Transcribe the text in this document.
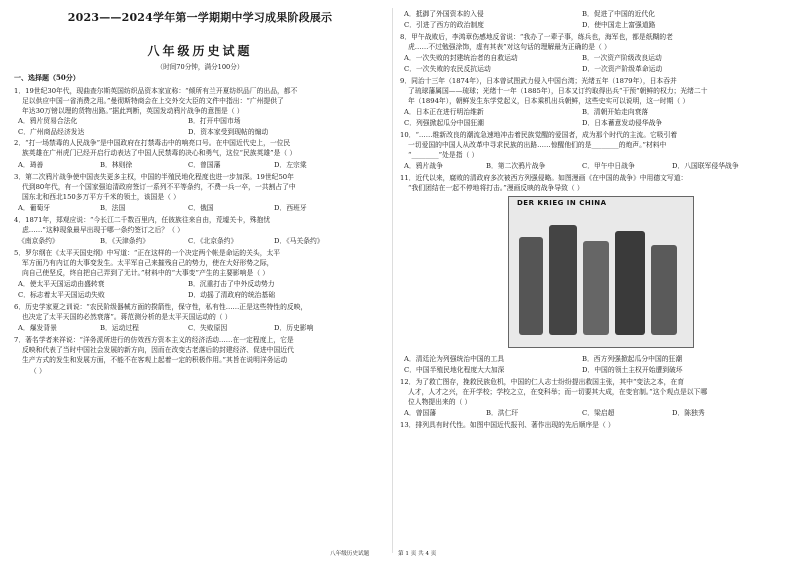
2023——2024学年第一学期期中学习成果阶段展示
八年级历史试题
（时间70分钟，满分100分）
一、选择题（50分）
1．19世纪30年代，现曲查尔斯英国纺织品资本家宣称：“倾所有兰开夏纺织品厂的出品，都不
足以供应中国一省消费之用。”曼彻斯特商会在上交外交大臣的文件中指出：“广州提供了
年达30万镑以理的货物出路。”据此判断，英国发动鸦片战争的意图是（ ）
A．鸦片贸易合法化	B．打开中国市场
C．广州商品经济发达	D．资本家受到现帖的煽动
2．“打一场禁毒的人民战争”是中国政府在打禁毒击中的响亮口号。在中国近代史上，一位民
族英雄在广州虎门已经开启行动表达了中国人民禁毒的决心和勇气，这位“民族英雄”是（ ）
A．琦善	B．林则徐	C．曾国藩	D．左宗棠
3．第二次鸦片战争使中国丧失更多主权，中国的半殖民地化程度也进一步加深。19世纪50年
代到80年代，有一个国家强迫清政府签订一系列不平等条约，不费一兵一卒，一共割占了中
国东北和西北150多万平方千米的领土，该国是（ ）
A．葡萄牙	B．法国	C．俄国	D．西班牙
4．1871年，郑观应说：“今长江二千数百里内，任彼族往来自由，荒墟关卡，殊抱忧
虑……”这种现象最早出现于哪一条约签订之后？（ ）
《南京条约》	B．《天津条约》	C．《北京条约》	D．《马关条约》
5．罗尔纲在《太平天国史纲》中写道：“正在这样的一个决定两个帐是命运的关头，太平
军方面乃有内讧的大事变发生。太平军自己来摧残自己的势力，使在大好形势之际，
向自己使坚反，终自把自己弄到了无计。”材料中的“大事变”产生的主要影响是（ ）
A．使太平天国运动由盛转衰	B．沉重打击了中外反动势力
C．标志着太平天国运动失败	D．动摇了清政府的统治基础
6．历史学家夏之训说：“农民阶级器械方面的揆箭性，保守性，私有性……正是这些特性的反映，
也决定了太平天国的必然衰落”。蒋范测分析的是太平天国运动的（ ）
A．爆发背景	B．运动过程	C．失败原因	D．历史影响
7．著名学者来祥说：“洋务派所进行的仿效西方资本主义的经济活动……在一定程度上，它是
反映和代表了当时中国社会发展的新方向，因而在改变古老落后的封建经济、促进中国近代
生产方式的发生和发展方面，不能不在客观上起着一定的积极作用。”其旨在说明洋务运动
（ ）
A．抵御了外国资本的入侵	B．促进了中国的近代化
C．引进了西方的政治制度	D．使中国走上富强道路
8．甲午战败后，李鸿章伤感地反省说：“我办了一辈子事，练兵也，海军也，都是纸糊的老
虎……不过勉强涂饰，虚有其表”对这句话的理解最为正确的是（ ）
A．一次失败的封建统治者的自救运动	B．一次资产阶级改良运动
C．一次失败的农民反抗运动	D．一次资产阶级革命运动
9．同治十三年（1874年），日本曾试图武力侵入中国台湾；光绪五年（1879年），日本吞并
了琉球藩属国——琉球；光绪十一年（1885年），日本又订约取得出兵“干预”朝鲜的权力；光绪二十
年（1894年），朝鲜发生东学党起义，日本乘机出兵朝鲜，这些史实可以说明，这一时期（ ）
A．日本正在进行明治维新	B．清朝开始走向衰落
C．列强掀起瓜分中国狂潮	D．日本蓄意发动侵华战争
10．“……维新改良的潮流急速地冲击着民族觉醒的爱国者，成为那个时代的主流。它吸引着
一切爱国的中国人从改革中寻求民族的出路……惊醒他们的是________的炮声。”材料中
“________”处是指（ ）
A．鸦片战争	B．第二次鸦片战争	C．甲午中日战争	D．八国联军侵华战争
11．近代以来，腐败的清政府多次被西方列强侵略。如图漫画《在中国的战争》中用德文写道：
“我们团结在一起不停地将打击。”漫画反映的战争导致（ ）
DER KRIEG IN CHINA
A．清廷沦为列强统治中国的工具	B．西方列强掀起瓜分中国的狂潮
C．中国半殖民地化程度大大加深	D．中国的领土主权开始遭到破坏
12．为了救亡图存，挽救民族危机，中国的仁人志士纷纷提出救国主张，其中“变法之本，在育
人才，人才之兴，在开学校；学校之立，在变科举；而一切要其大成，在变官制。”这个观点是以下哪
位人物提出来的（ ）
A．曾国藩	B．洪仁玕	C．梁启超	D．陈独秀
13．排列具有时代性。如图中国近代报刊、著作出现的先后顺序是（ ）
八年级历史试题	第 1 页 共 4 页
